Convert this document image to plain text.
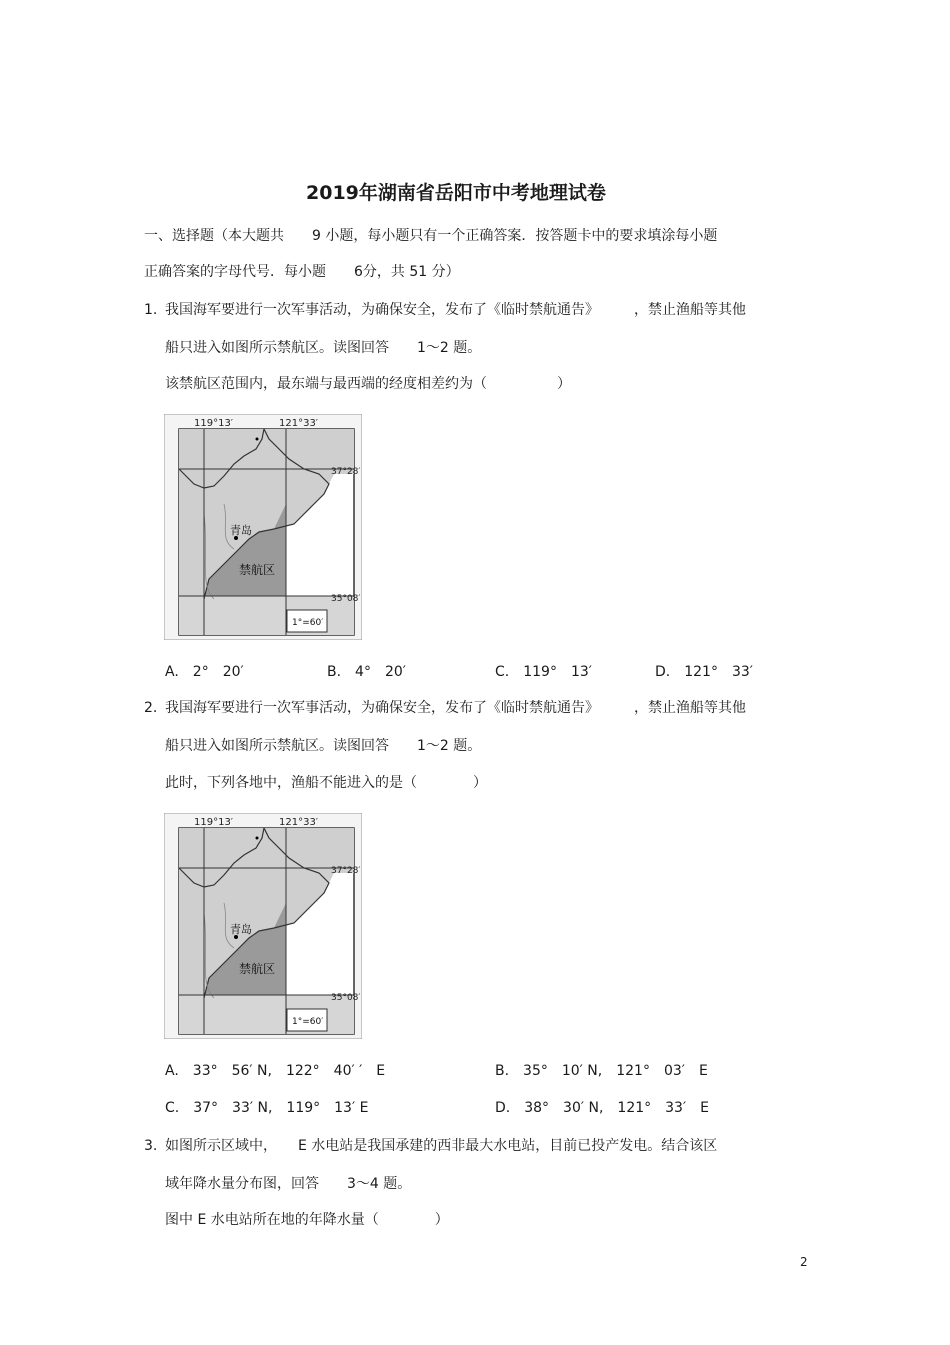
2019年湖南省岳阳市中考地理试卷
一、选择题（本大题共　　9 小题，每小题只有一个正确答案．按答题卡中的要求填涂每小题
正确答案的字母代号．每小题　　6分，共 51 分）
1. 我国海军要进行一次军事活动，为确保安全，发布了《临时禁航通告》　　　，禁止渔船等其他
船只进入如图所示禁航区。读图回答　　1～2 题。
该禁航区范围内，最东端与最西端的经度相差约为（　　　　　）
119°13′	121°33′
37°28′
35°08′
青岛
禁航区
1°=60′
A.　2°　20′	B.　4°　20′	C.　119°　13′	D.　121°　33′
2. 我国海军要进行一次军事活动，为确保安全，发布了《临时禁航通告》　　　，禁止渔船等其他
船只进入如图所示禁航区。读图回答　　1～2 题。
此时，下列各地中，渔船不能进入的是（　　　　）
119°13′	121°33′
37°28′
35°08′
青岛
禁航区
1°=60′
A.　33°　56′ N,　122°　40′ ′　E	B.　35°　10′ N,　121°　03′　E
C.　37°　33′ N,　119°　13′ E	D.　38°　30′ N,　121°　33′　E
3. 如图所示区域中，　　E 水电站是我国承建的西非最大水电站，目前已投产发电。结合该区
域年降水量分布图，回答　　3～4 题。
图中 E 水电站所在地的年降水量（　　　　）
2
